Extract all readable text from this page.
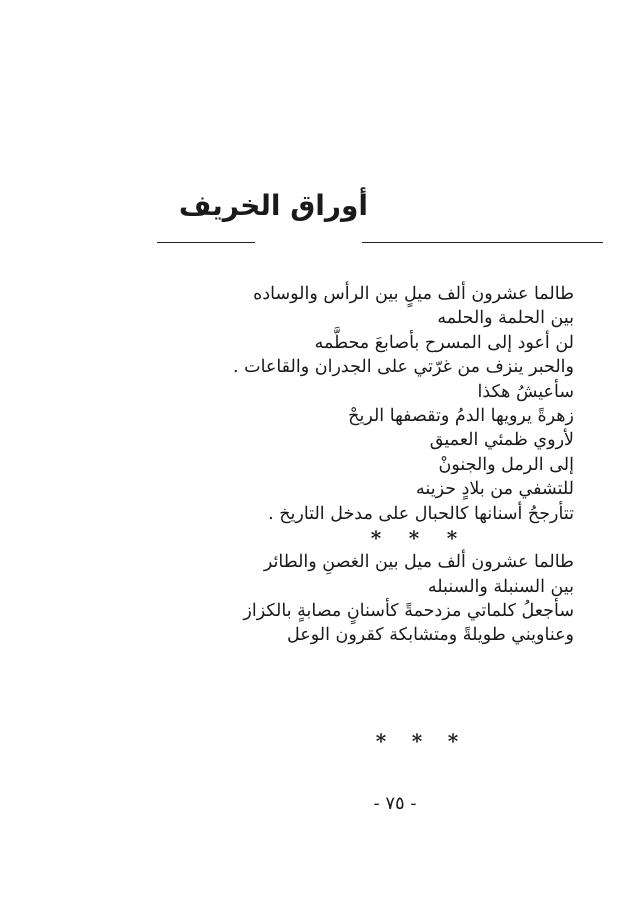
أوراق الخريف
طالما عشرون ألف ميلٍ بين الرأس والوساده
بين الحلمة والحلمه
لن أعود إلى المسرح بأصابعَ محطَّمه
والحبر ينزف من غرّتي على الجدران والقاعات .
سأعيشُ هكذا
زهرةً يرويها الدمُ وتقصفها الريحْ
لأروي ظمئي العميق
إلى الرمل والجنونْ
للتشفي من بلادٍ حزينه
تتأرجحُ أسنانها كالحبال على مدخل التاريخ .
* * *
طالما عشرون ألف ميل بين الغصنِ والطائر
بين السنبلة والسنبله
سأجعلُ كلماتي مزدحمةً كأسنانٍ مصابةٍ بالكزاز
وعناويني طويلةً ومتشابكة كقرون الوعل
* * *
- ٧٥ -
